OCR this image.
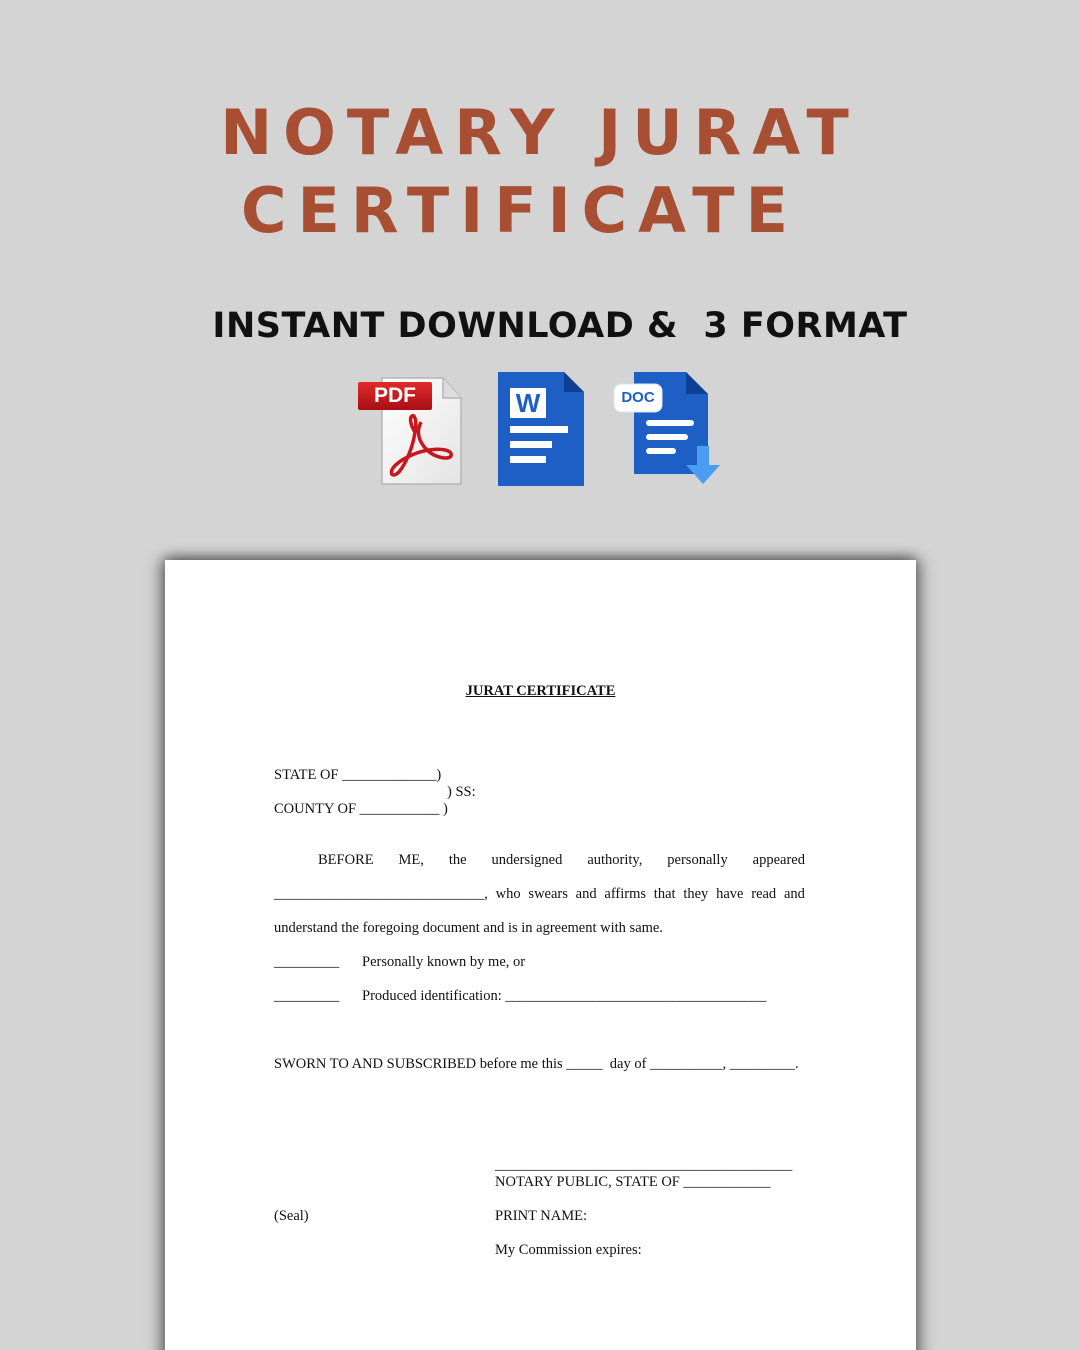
NOTARY JURAT
CERTIFICATE
INSTANT DOWNLOAD &  3 FORMAT
PDF	W	DOC
JURAT CERTIFICATE
STATE OF _____________)
) SS:
COUNTY OF ___________ )
BEFORE ME, the undersigned authority, personally appeared
_____________________________, who swears and affirms that they have read and
understand the foregoing document and is in agreement with same.
_________ Personally known by me, or
_________ Produced identification: ____________________________________
SWORN TO AND SUBSCRIBED before me this _____  day of __________, _________.
_________________________________________
NOTARY PUBLIC, STATE OF ____________
(Seal)	PRINT NAME:
My Commission expires:
